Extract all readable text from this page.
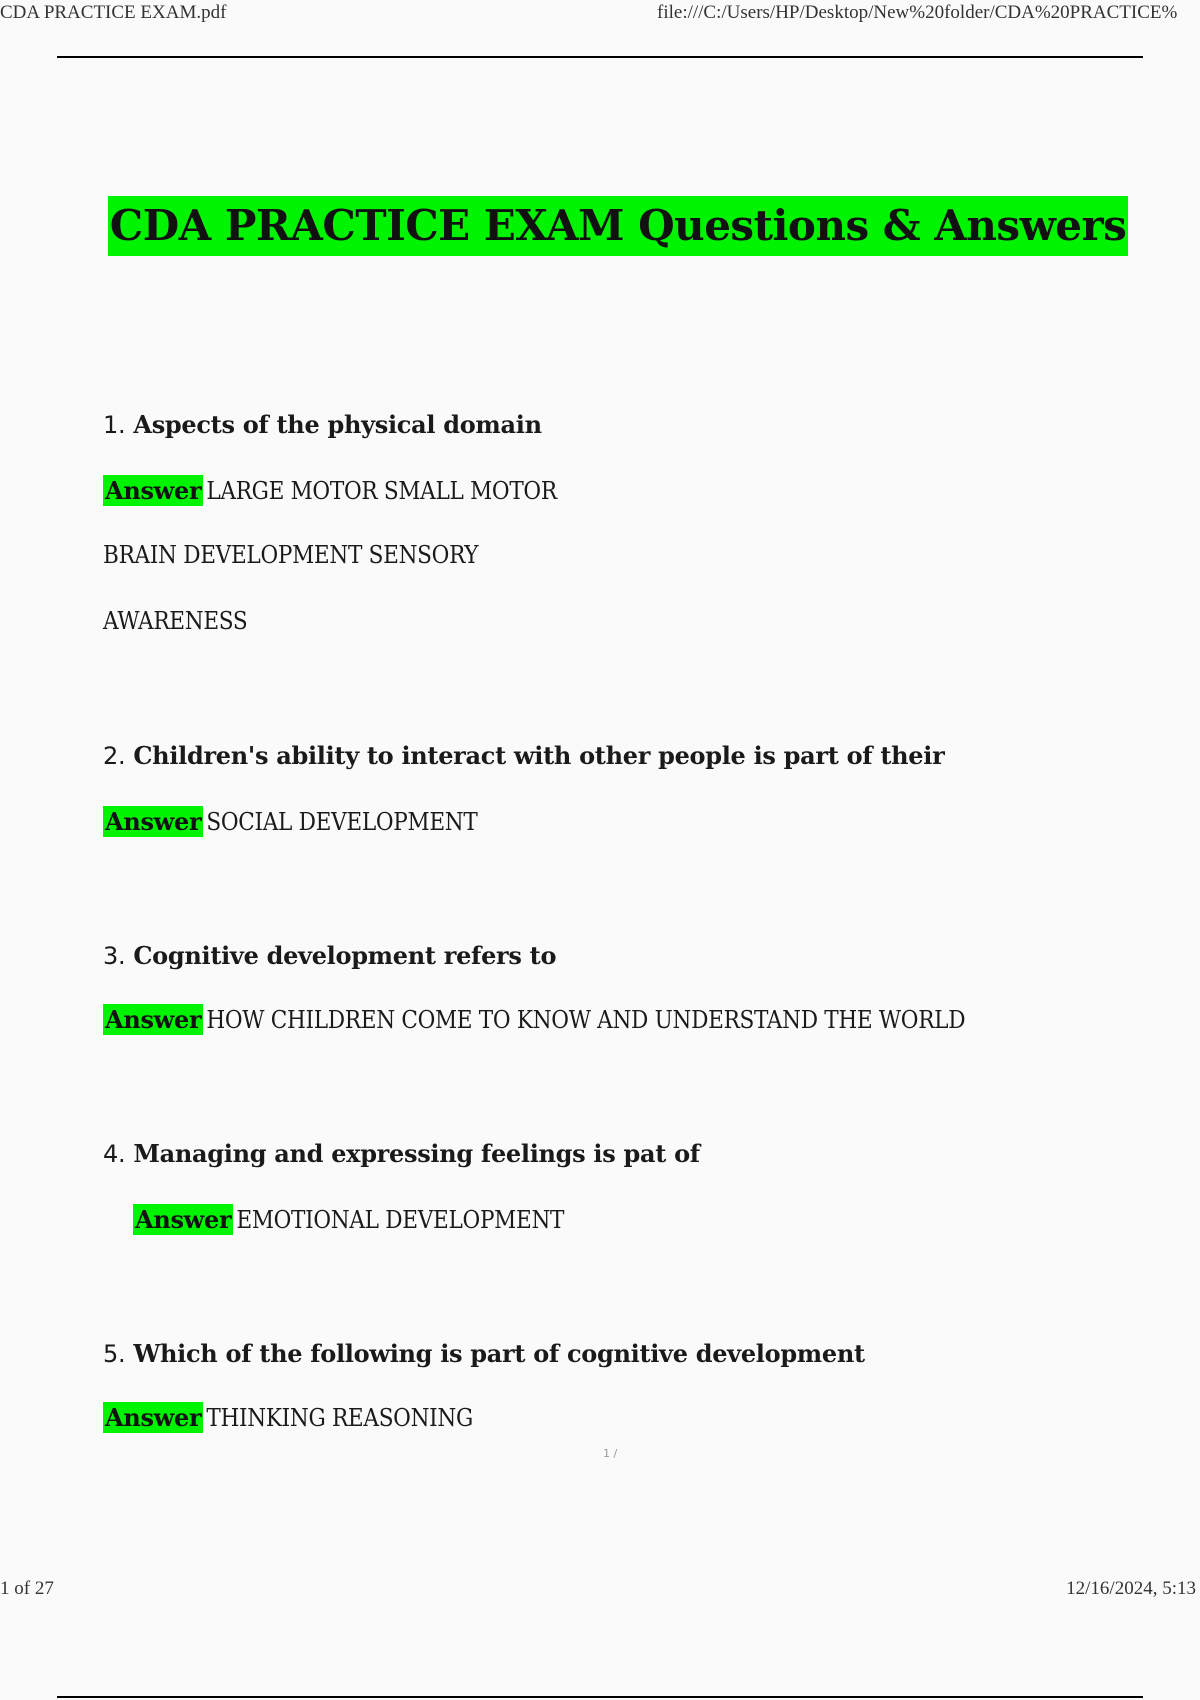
CDA PRACTICE EXAM.pdf	file:///C:/Users/HP/Desktop/New%20folder/CDA%20PRACTICE%
CDA PRACTICE EXAM Questions & Answers
1. Aspects of the physical domain
Answer LARGE MOTOR SMALL MOTOR
BRAIN DEVELOPMENT SENSORY
AWARENESS
2. Children's ability to interact with other people is part of their
Answer SOCIAL DEVELOPMENT
3. Cognitive development refers to
Answer HOW CHILDREN COME TO KNOW AND UNDERSTAND THE WORLD
4. Managing and expressing feelings is pat of
Answer EMOTIONAL DEVELOPMENT
5. Which of the following is part of cognitive development
Answer THINKING REASONING
1 /
1 of 27	12/16/2024, 5:13
